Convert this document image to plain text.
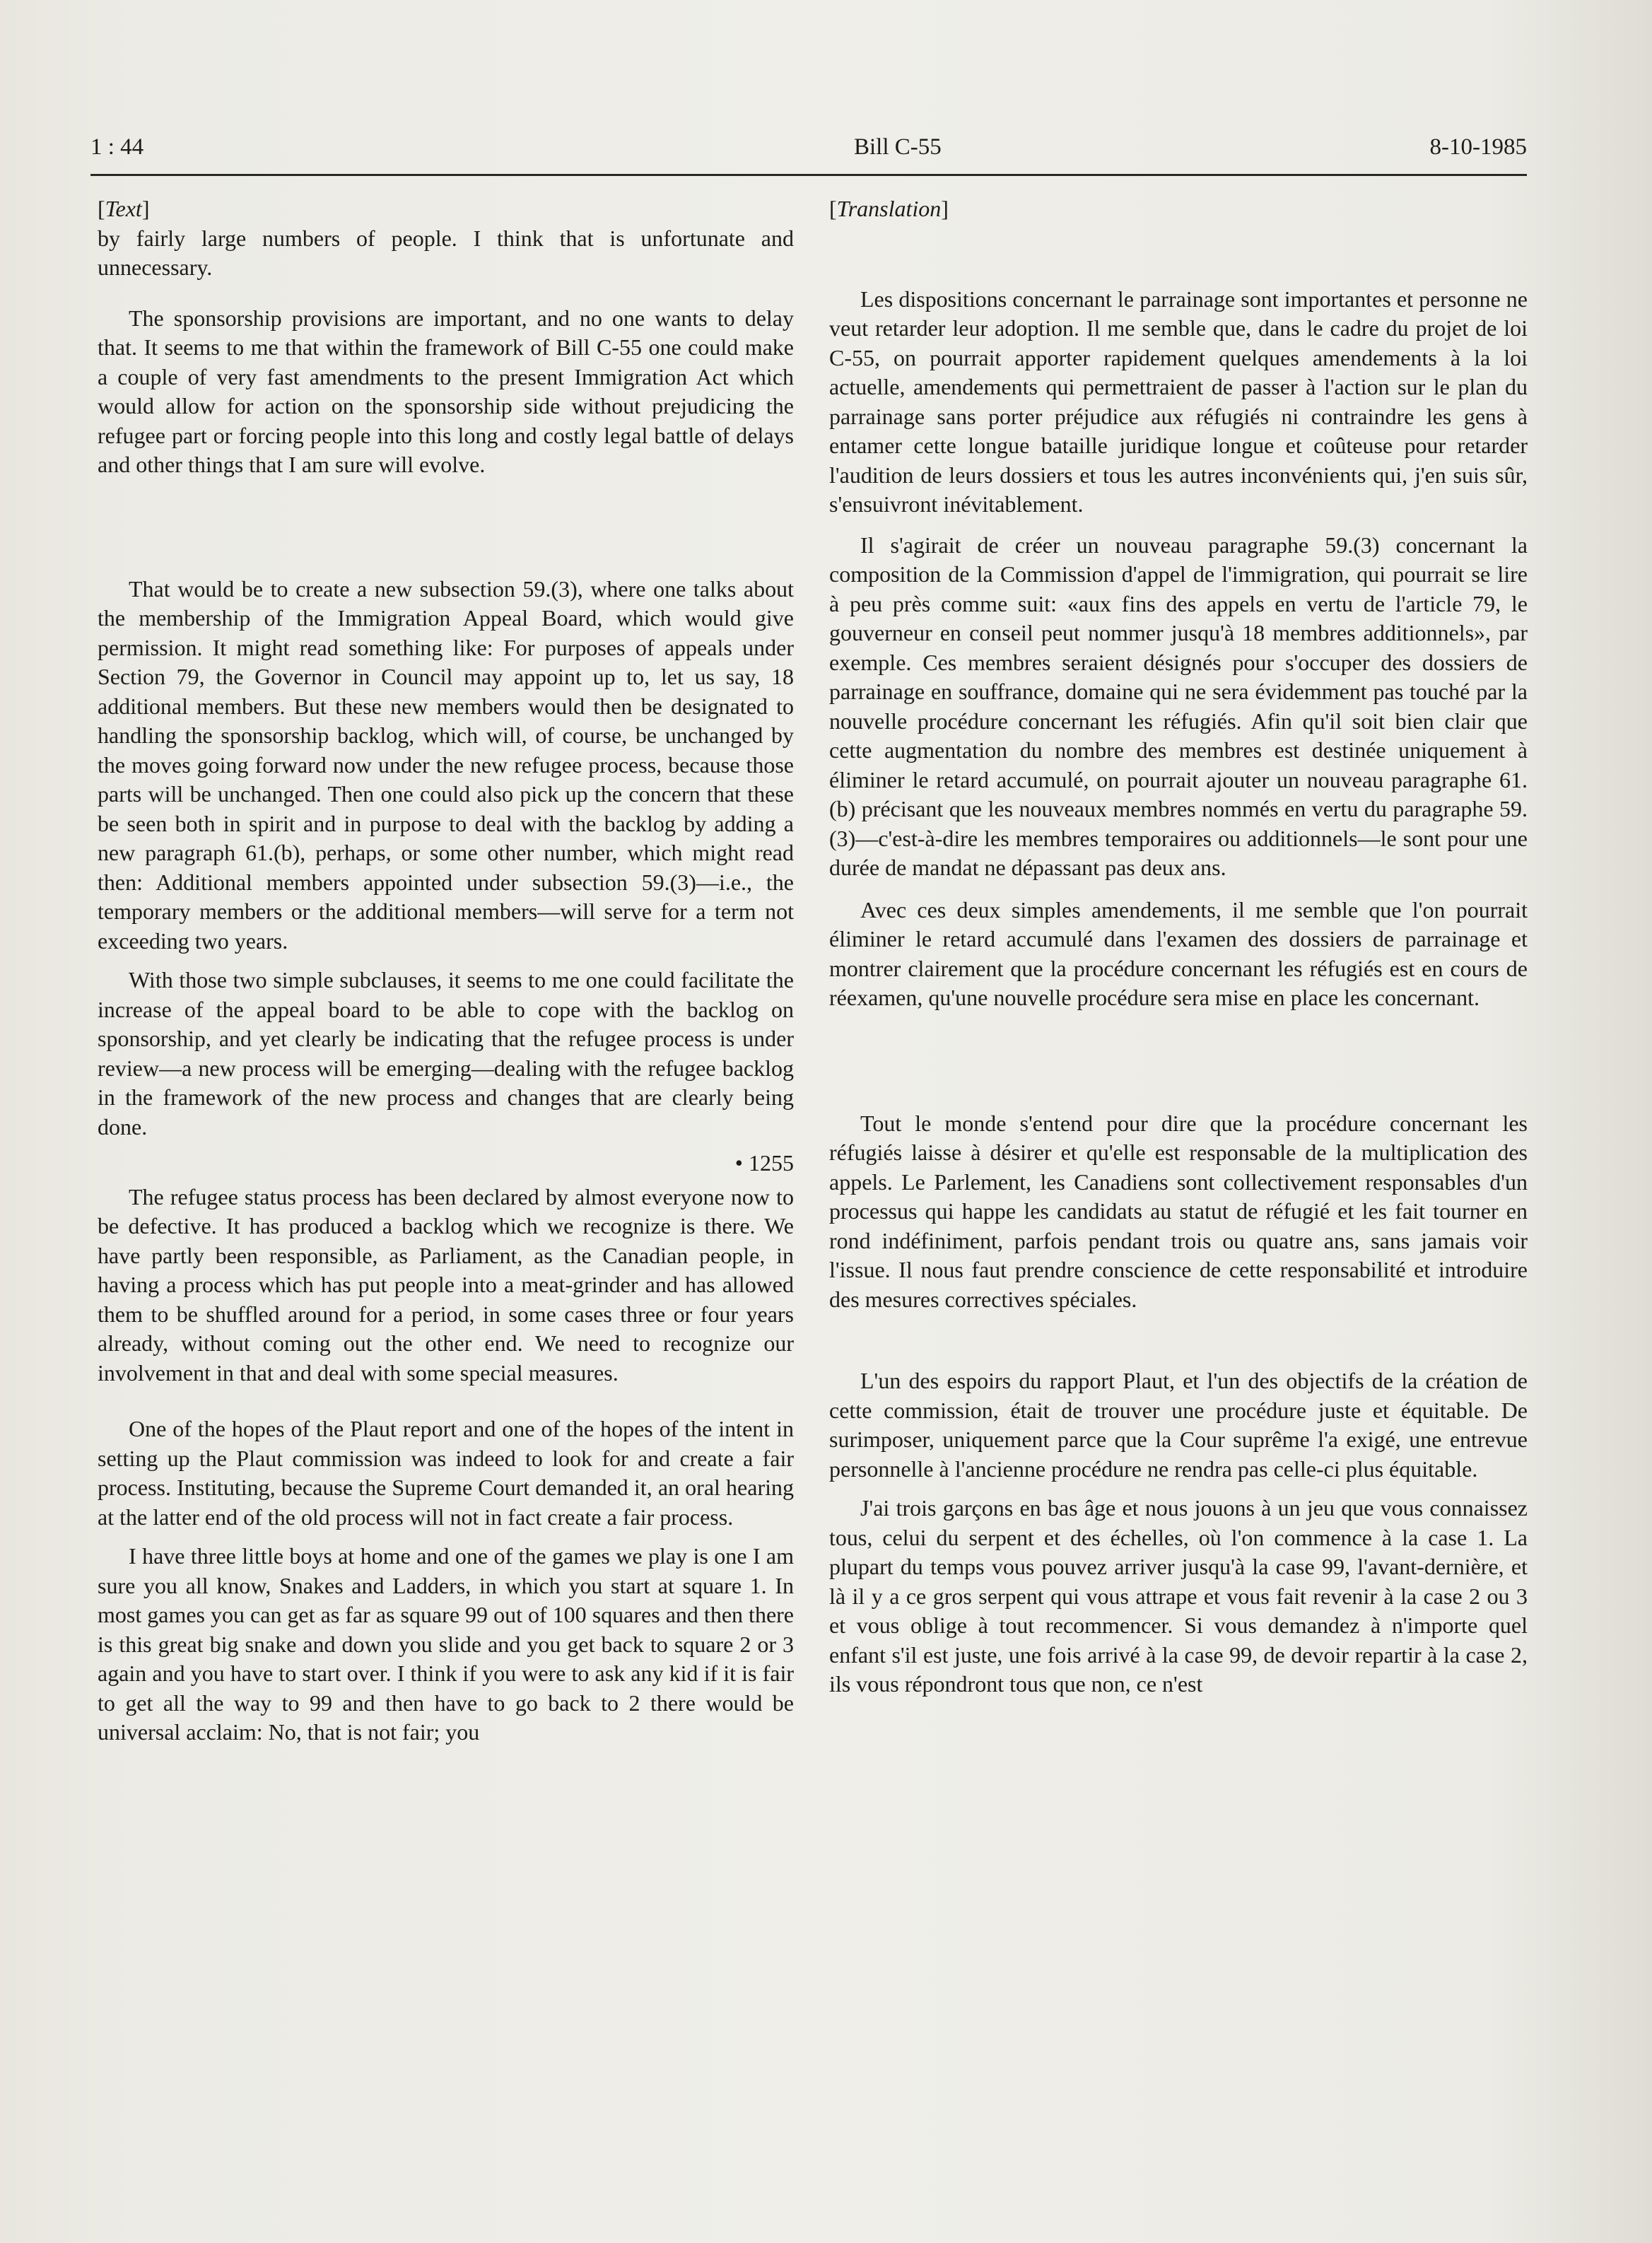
1 : 44	Bill C-55	8-10-1985
[Text]

by fairly large numbers of people. I think that is unfortunate and unnecessary.

The sponsorship provisions are important, and no one wants to delay that. It seems to me that within the framework of Bill C-55 one could make a couple of very fast amendments to the present Immigration Act which would allow for action on the sponsorship side without prejudicing the refugee part or forcing people into this long and costly legal battle of delays and other things that I am sure will evolve.

That would be to create a new subsection 59.(3), where one talks about the membership of the Immigration Appeal Board, which would give permission. It might read something like: For purposes of appeals under Section 79, the Governor in Council may appoint up to, let us say, 18 additional members. But these new members would then be designated to handling the sponsorship backlog, which will, of course, be unchanged by the moves going forward now under the new refugee process, because those parts will be unchanged. Then one could also pick up the concern that these be seen both in spirit and in purpose to deal with the backlog by adding a new paragraph 61.(b), perhaps, or some other number, which might read then: Additional members appointed under subsection 59.(3)—i.e., the temporary members or the additional members—will serve for a term not exceeding two years.

With those two simple subclauses, it seems to me one could facilitate the increase of the appeal board to be able to cope with the backlog on sponsorship, and yet clearly be indicating that the refugee process is under review—a new process will be emerging—dealing with the refugee backlog in the framework of the new process and changes that are clearly being done.

• 1255

The refugee status process has been declared by almost everyone now to be defective. It has produced a backlog which we recognize is there. We have partly been responsible, as Parliament, as the Canadian people, in having a process which has put people into a meat-grinder and has allowed them to be shuffled around for a period, in some cases three or four years already, without coming out the other end. We need to recognize our involvement in that and deal with some special measures.

One of the hopes of the Plaut report and one of the hopes of the intent in setting up the Plaut commission was indeed to look for and create a fair process. Instituting, because the Supreme Court demanded it, an oral hearing at the latter end of the old process will not in fact create a fair process.

I have three little boys at home and one of the games we play is one I am sure you all know, Snakes and Ladders, in which you start at square 1. In most games you can get as far as square 99 out of 100 squares and then there is this great big snake and down you slide and you get back to square 2 or 3 again and you have to start over. I think if you were to ask any kid if it is fair to get all the way to 99 and then have to go back to 2 there would be universal acclaim: No, that is not fair; you

[Translation]

Les dispositions concernant le parrainage sont importantes et personne ne veut retarder leur adoption. Il me semble que, dans le cadre du projet de loi C-55, on pourrait apporter rapidement quelques amendements à la loi actuelle, amendements qui permettraient de passer à l'action sur le plan du parrainage sans porter préjudice aux réfugiés ni contraindre les gens à entamer cette longue bataille juridique longue et coûteuse pour retarder l'audition de leurs dossiers et tous les autres inconvénients qui, j'en suis sûr, s'ensuivront inévitablement.

Il s'agirait de créer un nouveau paragraphe 59.(3) concernant la composition de la Commission d'appel de l'immigration, qui pourrait se lire à peu près comme suit: «aux fins des appels en vertu de l'article 79, le gouverneur en conseil peut nommer jusqu'à 18 membres additionnels», par exemple. Ces membres seraient désignés pour s'occuper des dossiers de parrainage en souffrance, domaine qui ne sera évidemment pas touché par la nouvelle procédure concernant les réfugiés. Afin qu'il soit bien clair que cette augmentation du nombre des membres est destinée uniquement à éliminer le retard accumulé, on pourrait ajouter un nouveau paragraphe 61.(b) précisant que les nouveaux membres nommés en vertu du paragraphe 59.(3)—c'est-à-dire les membres temporaires ou additionnels—le sont pour une durée de mandat ne dépassant pas deux ans.

Avec ces deux simples amendements, il me semble que l'on pourrait éliminer le retard accumulé dans l'examen des dossiers de parrainage et montrer clairement que la procédure concernant les réfugiés est en cours de réexamen, qu'une nouvelle procédure sera mise en place les concernant.

Tout le monde s'entend pour dire que la procédure concernant les réfugiés laisse à désirer et qu'elle est responsable de la multiplication des appels. Le Parlement, les Canadiens sont collectivement responsables d'un processus qui happe les candidats au statut de réfugié et les fait tourner en rond indéfiniment, parfois pendant trois ou quatre ans, sans jamais voir l'issue. Il nous faut prendre conscience de cette responsabilité et introduire des mesures correctives spéciales.

L'un des espoirs du rapport Plaut, et l'un des objectifs de la création de cette commission, était de trouver une procédure juste et équitable. De surimposer, uniquement parce que la Cour suprême l'a exigé, une entrevue personnelle à l'ancienne procédure ne rendra pas celle-ci plus équitable.

J'ai trois garçons en bas âge et nous jouons à un jeu que vous connaissez tous, celui du serpent et des échelles, où l'on commence à la case 1. La plupart du temps vous pouvez arriver jusqu'à la case 99, l'avant-dernière, et là il y a ce gros serpent qui vous attrape et vous fait revenir à la case 2 ou 3 et vous oblige à tout recommencer. Si vous demandez à n'importe quel enfant s'il est juste, une fois arrivé à la case 99, de devoir repartir à la case 2, ils vous répondront tous que non, ce n'est
